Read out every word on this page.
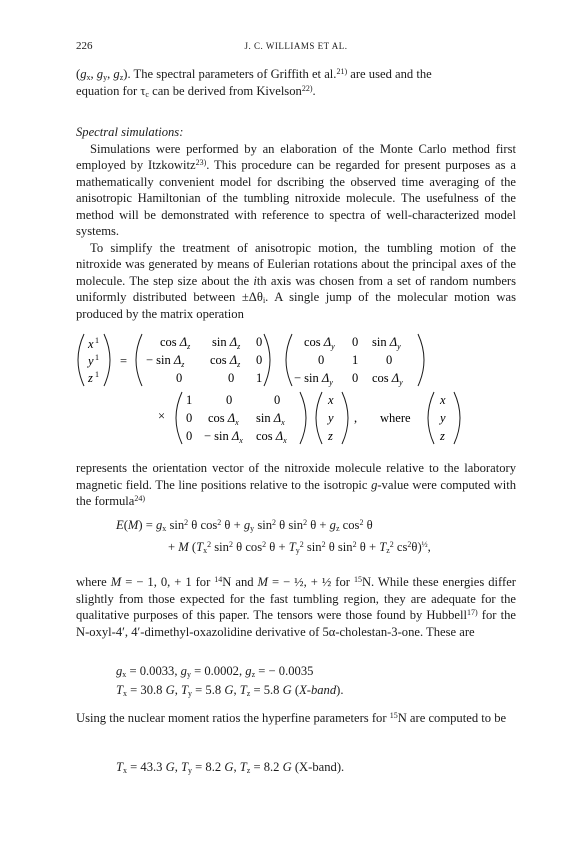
226	J. C. WILLIAMS ET AL.

($g_x$, $g_y$, $g_z$). The spectral parameters of Griffith et al.$^{21)}$ are used and the

equation for $\tau_c$ can be derived from Kivelson$^{22)}$.

Spectral simulations:

Simulations were performed by an elaboration of the Monte Carlo method first employed by Itzkowitz$^{23)}$. This procedure can be regarded for present purposes as a mathematically convenient model for dscribing the observed time averaging of the anisotropic Hamiltonian of the tumbling nitroxide molecule. The usefulness of the method will be demonstrated with reference to spectra of well-characterized model systems.

To simplify the treatment of anisotropic motion, the tumbling motion of the nitroxide was generated by means of Eulerian rotations about the principal axes of the molecule. The step size about the ith axis was chosen from a set of random numbers uniformly distributed between $\pm\Delta\theta_i$. A single jump of the molecular motion was produced by the matrix operation

x 1
y 1
z 1
=
$\cos \Delta_z$ $\sin \Delta_z$ 0
− $\sin \Delta_z$ $\cos \Delta_z$ 0
0	0 1
$\cos \Delta_y$ 0 $\sin \Delta_y$
0 1 0
− $\sin \Delta_y$ 0 $\cos \Delta_y$
×
1	0	0
0 $\cos \Delta_x$ $\sin \Delta_x$
$0 - \sin \Delta_x$ $\cos \Delta_x$
x
y
z
, where
x
y
z

represents the orientation vector of the nitroxide molecule relative to the laboratory magnetic field. The line positions relative to the isotropic g-value were computed with the formula$^{24)}$

$E(M) = g_x$ $\sin^2 \theta$ $\cos^2 \theta + g_y$ $\sin^2 \theta$ $\sin^2 \theta + g_z$ $\cos^2 \theta$
+ M ($T_x^2$ $\sin^2 \theta$ $\cos^2 \theta + T_y^2$ $\sin^2 \theta$ $\sin^2 \theta + T_z^2$ $cs^2\theta)^{\frac{1}{2}}$,

where M = − 1, 0, + 1 for $^{14}$N and M = − ½, + ½ for $^{15}$N. While these energies differ slightly from those expected for the fast tumbling region, they are adequate for the qualitative purposes of this paper. The tensors were those found by Hubbell$^{17)}$ for the N-oxyl-4′, 4′-dimethyl-oxazolidine derivative of 5α-cholestan-3-one. These are

$g_x = 0.0033$, $g_y = 0.0002$, $g_z$ = − 0.0035
$T_x = 30.8$ G, $T_y = 5.8$ G, $T_z = 5.8$ G (X-band).

Using the nuclear moment ratios the hyperfine parameters for $^{15}$N are computed to be

$T_x = 43.3$ G, $T_y = 8.2$ G, $T_z = 8.2$ G (X-band).
